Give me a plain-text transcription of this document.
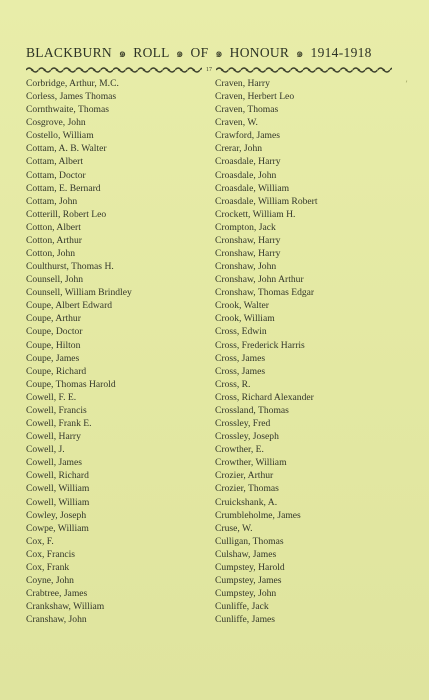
BLACKBURN ๑ ROLL ๑ OF ๑ HONOUR ๑ 1914-1918
17
Corbridge, Arthur, M.C.
Corless, James Thomas
Cornthwaite, Thomas
Cosgrove, John
Costello, William
Cottam, A. B. Walter
Cottam, Albert
Cottam, Doctor
Cottam, E. Bernard
Cottam, John
Cotterill, Robert Leo
Cotton, Albert
Cotton, Arthur
Cotton, John
Coulthurst, Thomas H.
Counsell, John
Counsell, William Brindley
Coupe, Albert Edward
Coupe, Arthur
Coupe, Doctor
Coupe, Hilton
Coupe, James
Coupe, Richard
Coupe, Thomas Harold
Cowell, F. E.
Cowell, Francis
Cowell, Frank E.
Cowell, Harry
Cowell, J.
Cowell, James
Cowell, Richard
Cowell, William
Cowell, William
Cowley, Joseph
Cowpe, William
Cox, F.
Cox, Francis
Cox, Frank
Coyne, John
Crabtree, James
Crankshaw, William
Cranshaw, John
Craven, Harry
Craven, Herbert Leo
Craven, Thomas
Craven, W.
Crawford, James
Crerar, John
Croasdale, Harry
Croasdale, John
Croasdale, William
Croasdale, William Robert
Crockett, William H.
Crompton, Jack
Cronshaw, Harry
Cronshaw, Harry
Cronshaw, John
Cronshaw, John Arthur
Cronshaw, Thomas Edgar
Crook, Walter
Crook, William
Cross, Edwin
Cross, Frederick Harris
Cross, James
Cross, James
Cross, R.
Cross, Richard Alexander
Crossland, Thomas
Crossley, Fred
Crossley, Joseph
Crowther, E.
Crowther, William
Crozier, Arthur
Crozier, Thomas
Cruickshank, A.
Crumbleholme, James
Cruse, W.
Culligan, Thomas
Culshaw, James
Cumpstey, Harold
Cumpstey, James
Cumpstey, John
Cunliffe, Jack
Cunliffe, James
ʼ
